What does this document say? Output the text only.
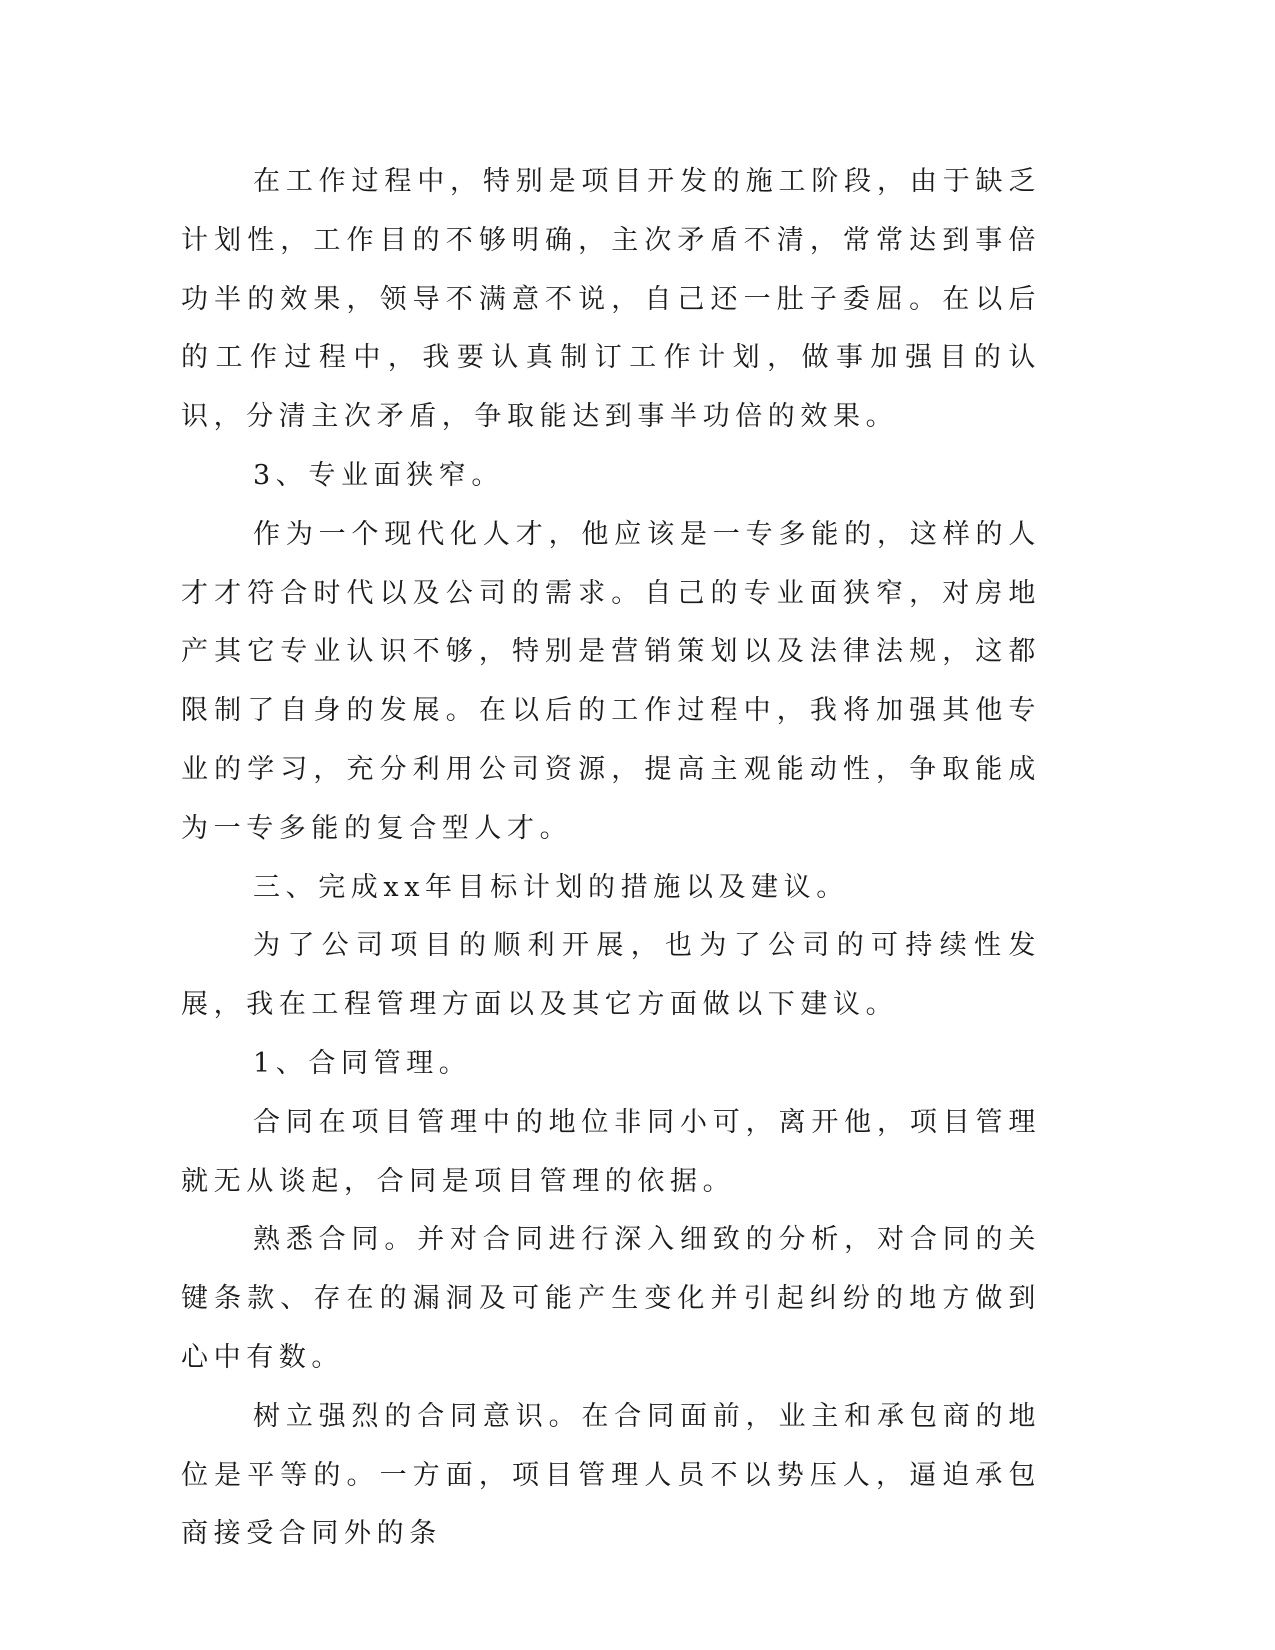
在工作过程中，特别是项目开发的施工阶段，由于缺乏计划性，工作目的不够明确，主次矛盾不清，常常达到事倍功半的效果，领导不满意不说，自己还一肚子委屈。在以后的工作过程中，我要认真制订工作计划，做事加强目的认识，分清主次矛盾，争取能达到事半功倍的效果。

3、专业面狭窄。

作为一个现代化人才，他应该是一专多能的，这样的人才才符合时代以及公司的需求。自己的专业面狭窄，对房地产其它专业认识不够，特别是营销策划以及法律法规，这都限制了自身的发展。在以后的工作过程中，我将加强其他专业的学习，充分利用公司资源，提高主观能动性，争取能成为一专多能的复合型人才。

三、完成xx年目标计划的措施以及建议。

为了公司项目的顺利开展，也为了公司的可持续性发展，我在工程管理方面以及其它方面做以下建议。

1、合同管理。

合同在项目管理中的地位非同小可，离开他，项目管理就无从谈起，合同是项目管理的依据。

熟悉合同。并对合同进行深入细致的分析，对合同的关键条款、存在的漏洞及可能产生变化并引起纠纷的地方做到心中有数。

树立强烈的合同意识。在合同面前，业主和承包商的地位是平等的。一方面，项目管理人员不以势压人，逼迫承包商接受合同外的条
